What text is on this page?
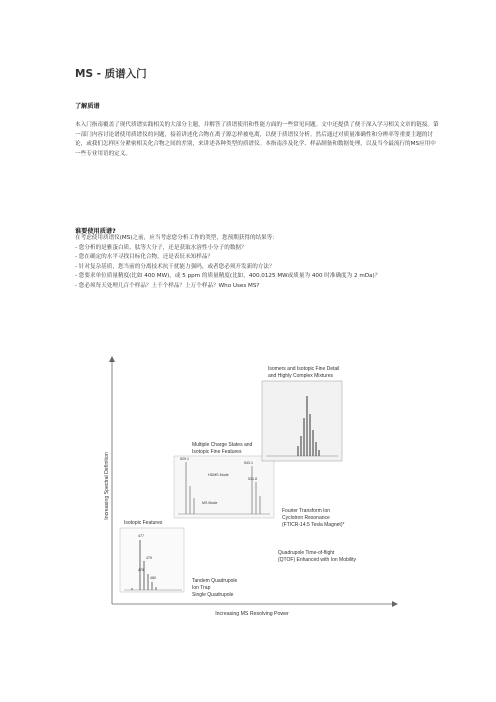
MS - 质谱入门
了解质谱

本入门指南覆盖了现代质谱实践相关的大部分主题，并解答了质谱使用和性能方面的一些常见问题。文中还提供了便于深入学习相关文章的链接。第一部门内容讨论谱使用质谱仪的问题，接着讲述化合物在离子源怎样被电离，以便于质谱仪分析。然后通过对质量准确性和分辨率等重要主题的讨论，或我们怎样区分紧密相关化合物之间的差别，来讲述各种类型的质谱仪。本指南涉及化学、样品制备和数据处理，以及当今最流行的MS应用中一些专业用语的定义。

谁要使用质谱?

在考虑使用质谱仪(MS)之前，应当考虑您分析工作的类型，您预期获得的结果等：

- 您分析的是雅蛋白质、肽等大分子，还是获取水溶性小分子的数据？

- 您在确定的水平寻找目标化合物，还是表征未知样品？

- 针对复杂基质，您当前的分离技术抗干扰能力强吗，或者您必须开发新的方法？

- 您要求单位质量精度(比如 400 MW)，或 5 ppm 的质量精度(比如，400.0125 MW或质量为 400 时准确度为 2 mDa)？

- 您必须每天处理几百个样品？上千个样品？上万个样品？Who Uses MS?

Increasing MS Resolving Power
Increasing Spectral Definition
Isotopic Features
477
479
478
480
Multiple Charge States and
Isotopic Fine Features
529.1
543.1
531.8
HDMS Mode
MS Mode
Isomers and Isotopic Fine Detail
and Highly Complex Mixtures
Tandem Quadrupole
Ion Trap
Single Quadrupole
Quadrupole Time-of-flight
(QTOF) Enhanced with Ion Mobility
Fourier Transform Ion
Cyclotron Resonance
(FTICR-14.5 Tesla Magnet)*
